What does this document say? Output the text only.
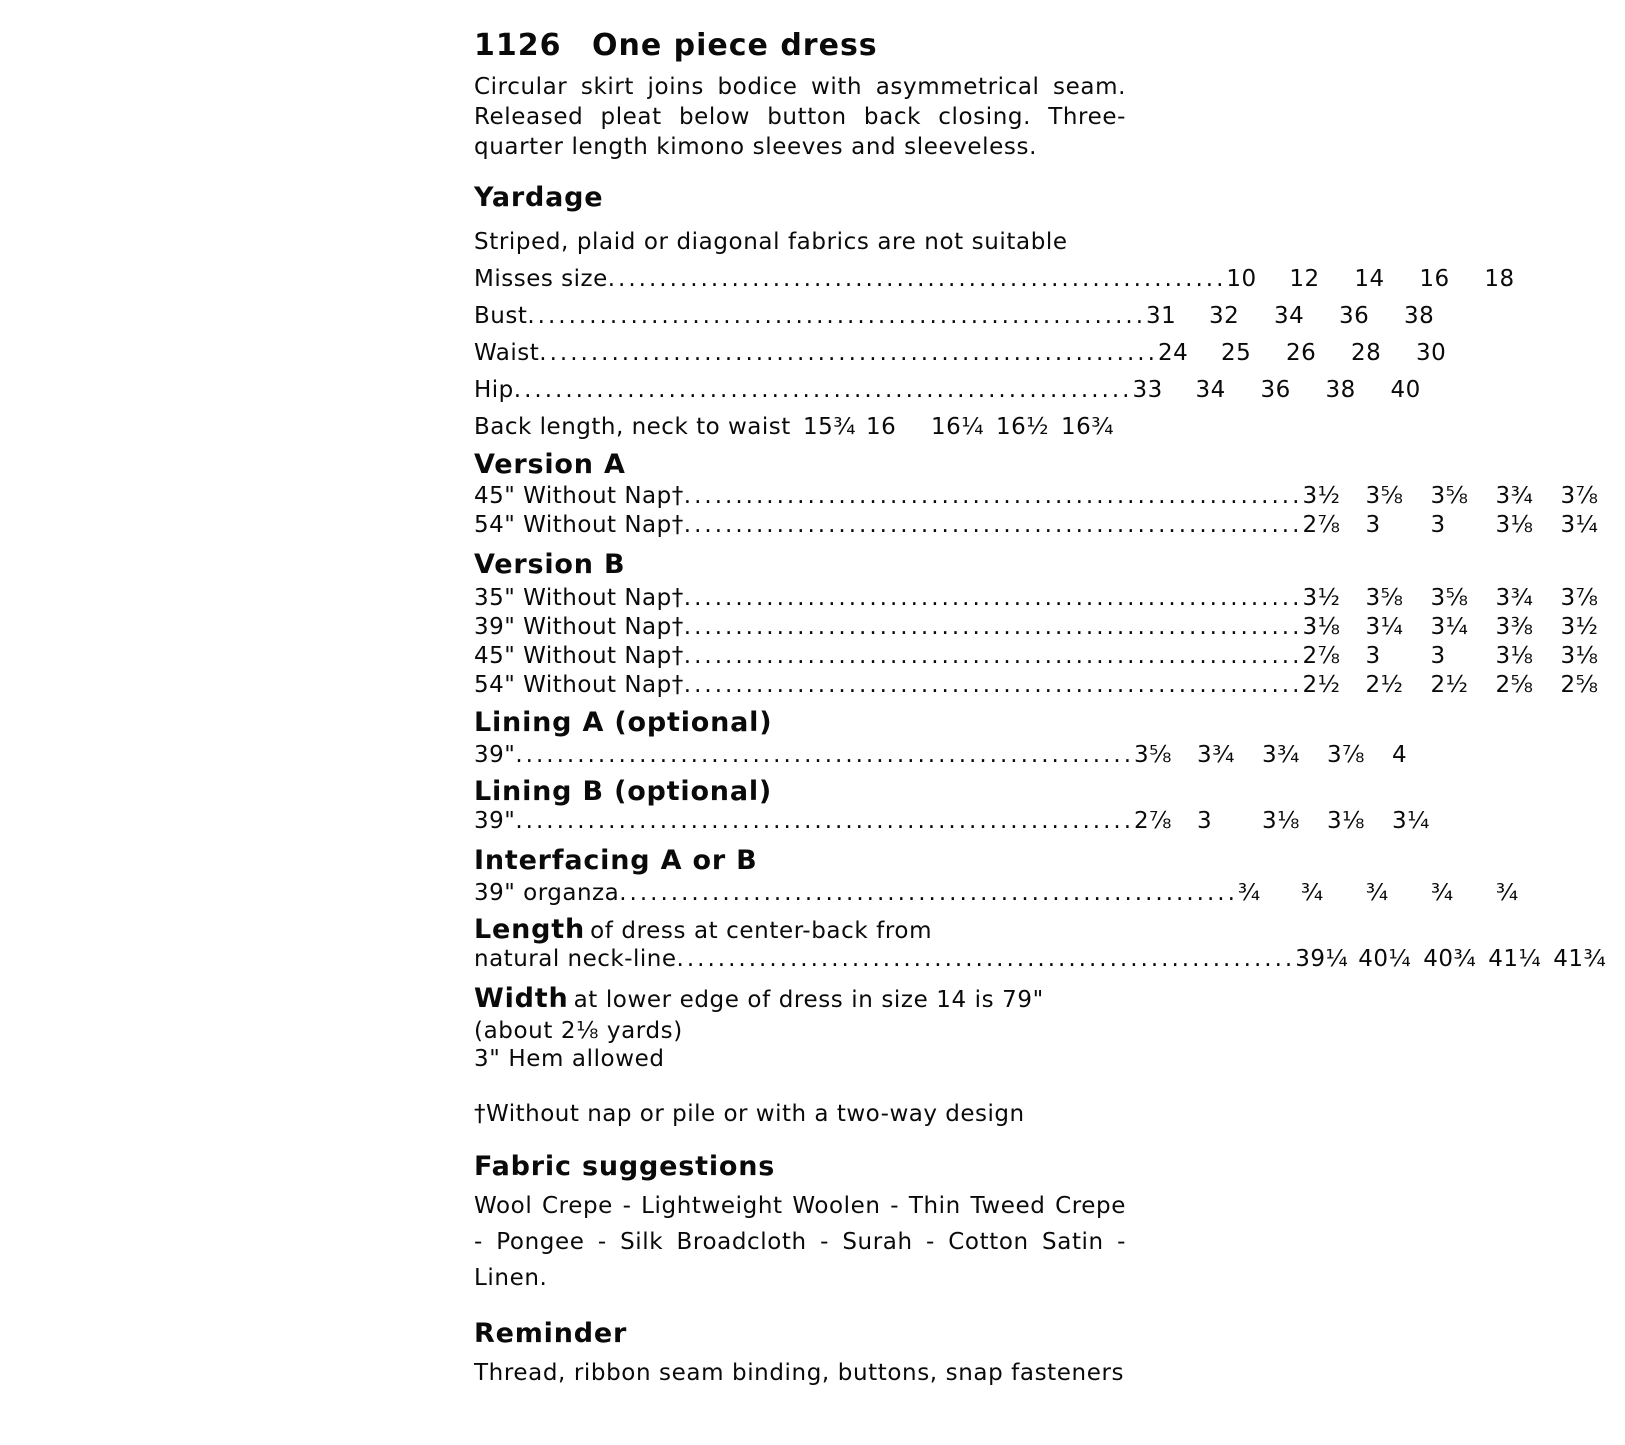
1126 One piece dress
Circular skirt joins bodice with asymmetrical seam. Released pleat below button back closing. Three-quarter length kimono sleeves and sleeveless.
Yardage
Striped, plaid or diagonal fabrics are not suitable
Misses size ............................................................ 10	12	14	16	18
Bust ............................................................ 31	32	34	36	38
Waist ............................................................ 24	25	26	28	30
Hip ............................................................ 33	34	36	38	40
Back length, neck to waist 15¾ 16	16¼ 16½ 16¾
Version A
45" Without Nap† ............................................................ 3½	3⅝	3⅝	3¾	3⅞
54" Without Nap† ............................................................ 2⅞	3	3	3⅛	3¼
Version B
35" Without Nap† ............................................................ 3½	3⅝	3⅝	3¾	3⅞
39" Without Nap† ............................................................ 3⅛	3¼	3¼	3⅜	3½
45" Without Nap† ............................................................ 2⅞	3	3	3⅛	3⅛
54" Without Nap† ............................................................ 2½	2½	2½	2⅝	2⅝
Lining A (optional)
39" ............................................................ 3⅝	3¾	3¾	3⅞	4
Lining B (optional)
39" ............................................................ 2⅞	3	3⅛	3⅛	3¼
Interfacing A or B
39" organza ............................................................ ¾	¾	¾	¾	¾
Length of dress at center-back from
natural neck-line ............................................................ 39¼ 40¼ 40¾ 41¼ 41¾
Width at lower edge of dress in size 14 is 79"
(about 2⅛ yards)
3" Hem allowed
†Without nap or pile or with a two-way design
Fabric suggestions
Wool Crepe - Lightweight Woolen - Thin Tweed Crepe - Pongee - Silk Broadcloth - Surah - Cotton Satin - Linen.
Reminder
Thread, ribbon seam binding, buttons, snap fasteners
